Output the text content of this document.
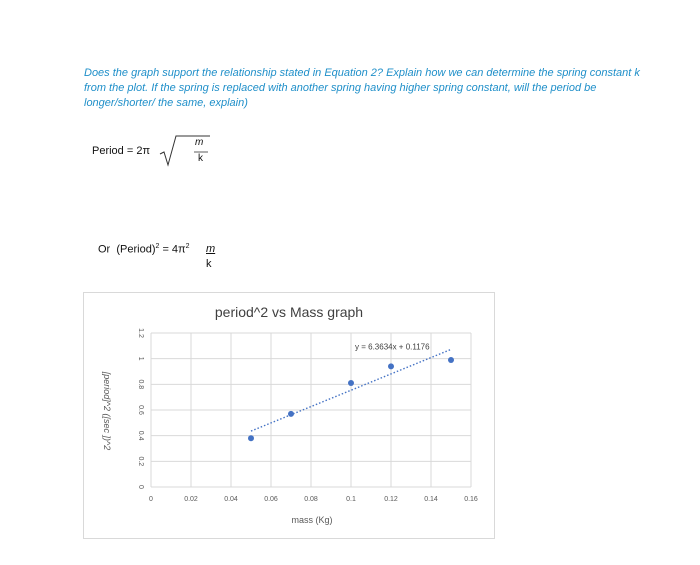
Does the graph support the relationship stated in Equation 2? Explain how we can determine the spring constant k from the plot. If the spring is replaced with another spring having higher spring constant, will the period be longer/shorter/ the same, explain)
Period = 2π
m
k
Or (Period)$^2$ = $4\pi^2$ m
k
period^2 vs Mass graph
mass (Kg)
[period]^2 ([sec ])^2
0	0.02	0.04	0.06	0.08	0.1	0.12	0.14	0.16
0
0.2
0.4
0.6
0.8
1
1.2
y = 6.3634x + 0.1176
